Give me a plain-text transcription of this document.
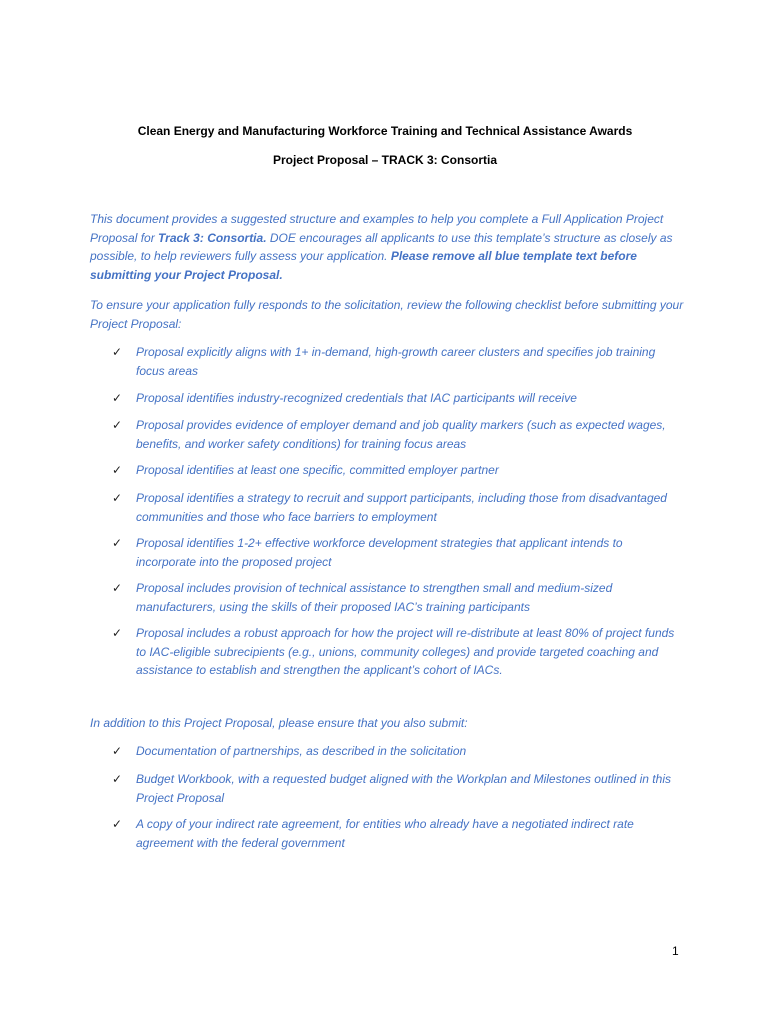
Clean Energy and Manufacturing Workforce Training and Technical Assistance Awards
Project Proposal – TRACK 3: Consortia
This document provides a suggested structure and examples to help you complete a Full Application Project Proposal for Track 3: Consortia. DOE encourages all applicants to use this template’s structure as closely as possible, to help reviewers fully assess your application. Please remove all blue template text before submitting your Project Proposal.
To ensure your application fully responds to the solicitation, review the following checklist before submitting your Project Proposal:
✓ Proposal explicitly aligns with 1+ in-demand, high-growth career clusters and specifies job training focus areas
✓ Proposal identifies industry-recognized credentials that IAC participants will receive
✓ Proposal provides evidence of employer demand and job quality markers (such as expected wages, benefits, and worker safety conditions) for training focus areas
✓ Proposal identifies at least one specific, committed employer partner
✓ Proposal identifies a strategy to recruit and support participants, including those from disadvantaged communities and those who face barriers to employment
✓ Proposal identifies 1-2+ effective workforce development strategies that applicant intends to incorporate into the proposed project
✓ Proposal includes provision of technical assistance to strengthen small and medium-sized manufacturers, using the skills of their proposed IAC’s training participants
✓ Proposal includes a robust approach for how the project will re-distribute at least 80% of project funds to IAC-eligible subrecipients (e.g., unions, community colleges) and provide targeted coaching and assistance to establish and strengthen the applicant’s cohort of IACs.
In addition to this Project Proposal, please ensure that you also submit:
✓ Documentation of partnerships, as described in the solicitation
✓ Budget Workbook, with a requested budget aligned with the Workplan and Milestones outlined in this Project Proposal
✓ A copy of your indirect rate agreement, for entities who already have a negotiated indirect rate agreement with the federal government
1
